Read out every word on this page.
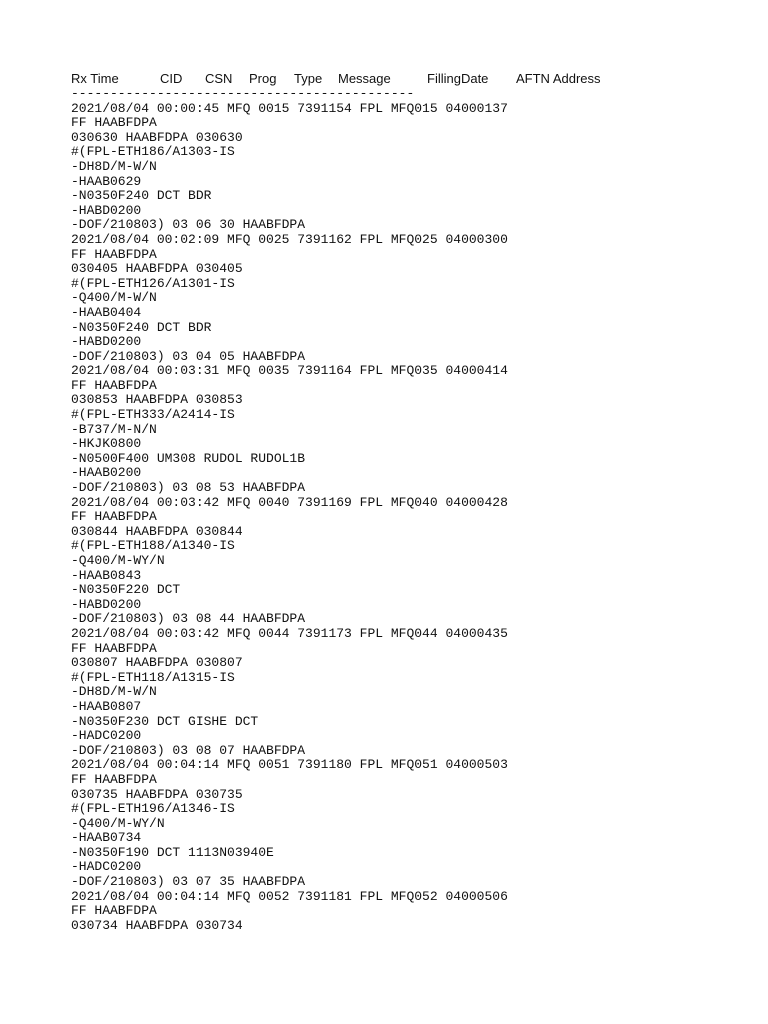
Rx Time	CID CSN Prog Type Message	FillingDate AFTN Address
--------------------------------------------
2021/08/04 00:00:45 MFQ 0015 7391154 FPL MFQ015 04000137
FF HAABFDPA
030630 HAABFDPA 030630
#(FPL-ETH186/A1303-IS
-DH8D/M-W/N
-HAAB0629
-N0350F240 DCT BDR
-HABD0200
-DOF/210803) 03 06 30 HAABFDPA
2021/08/04 00:02:09 MFQ 0025 7391162 FPL MFQ025 04000300
FF HAABFDPA
030405 HAABFDPA 030405
#(FPL-ETH126/A1301-IS
-Q400/M-W/N
-HAAB0404
-N0350F240 DCT BDR
-HABD0200
-DOF/210803) 03 04 05 HAABFDPA
2021/08/04 00:03:31 MFQ 0035 7391164 FPL MFQ035 04000414
FF HAABFDPA
030853 HAABFDPA 030853
#(FPL-ETH333/A2414-IS
-B737/M-N/N
-HKJK0800
-N0500F400 UM308 RUDOL RUDOL1B
-HAAB0200
-DOF/210803) 03 08 53 HAABFDPA
2021/08/04 00:03:42 MFQ 0040 7391169 FPL MFQ040 04000428
FF HAABFDPA
030844 HAABFDPA 030844
#(FPL-ETH188/A1340-IS
-Q400/M-WY/N
-HAAB0843
-N0350F220 DCT
-HABD0200
-DOF/210803) 03 08 44 HAABFDPA
2021/08/04 00:03:42 MFQ 0044 7391173 FPL MFQ044 04000435
FF HAABFDPA
030807 HAABFDPA 030807
#(FPL-ETH118/A1315-IS
-DH8D/M-W/N
-HAAB0807
-N0350F230 DCT GISHE DCT
-HADC0200
-DOF/210803) 03 08 07 HAABFDPA
2021/08/04 00:04:14 MFQ 0051 7391180 FPL MFQ051 04000503
FF HAABFDPA
030735 HAABFDPA 030735
#(FPL-ETH196/A1346-IS
-Q400/M-WY/N
-HAAB0734
-N0350F190 DCT 1113N03940E
-HADC0200
-DOF/210803) 03 07 35 HAABFDPA
2021/08/04 00:04:14 MFQ 0052 7391181 FPL MFQ052 04000506
FF HAABFDPA
030734 HAABFDPA 030734
